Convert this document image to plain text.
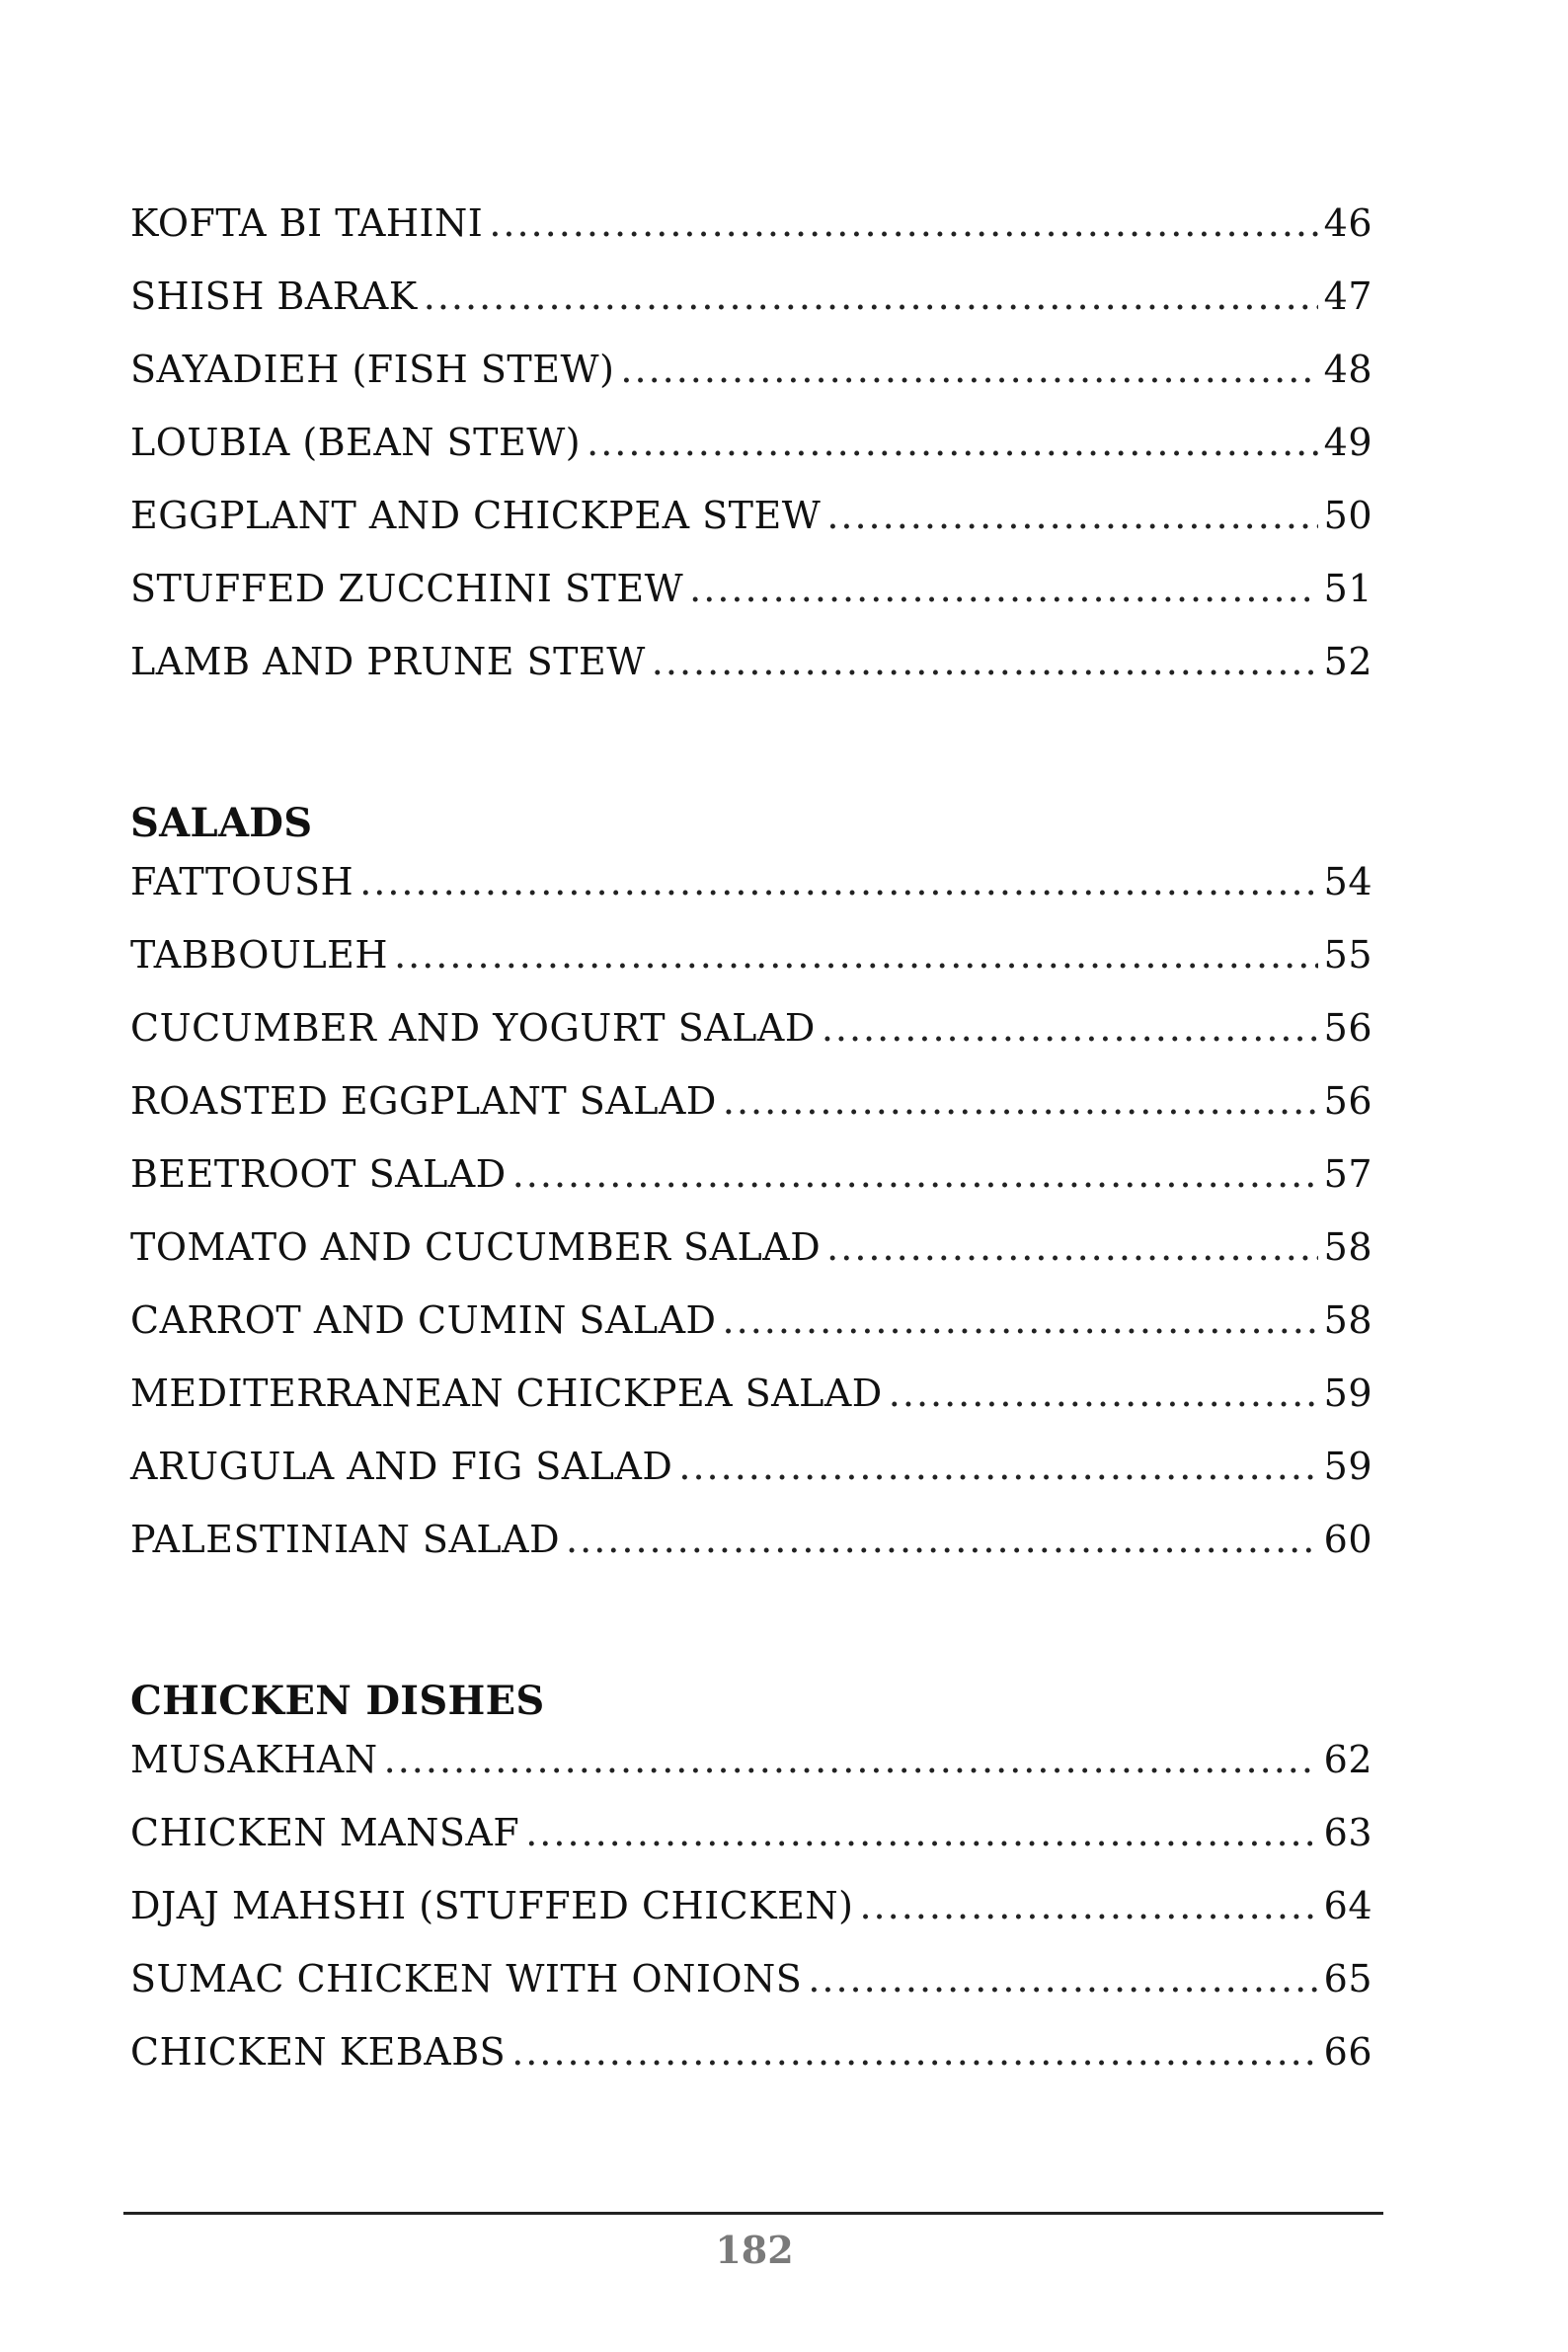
KOFTA BI TAHINI .....	46
SHISH BARAK .....	47
SAYADIEH (FISH STEW) .....	48
LOUBIA (BEAN STEW) .....	49
EGGPLANT AND CHICKPEA STEW .....	50
STUFFED ZUCCHINI STEW .....	51
LAMB AND PRUNE STEW .....	52
SALADS
FATTOUSH .....	54
TABBOULEH .....	55
CUCUMBER AND YOGURT SALAD .....	56
ROASTED EGGPLANT SALAD .....	56
BEETROOT SALAD .....	57
TOMATO AND CUCUMBER SALAD .....	58
CARROT AND CUMIN SALAD .....	58
MEDITERRANEAN CHICKPEA SALAD .....	59
ARUGULA AND FIG SALAD .....	59
PALESTINIAN SALAD .....	60
CHICKEN DISHES
MUSAKHAN .....	62
CHICKEN MANSAF .....	63
DJAJ MAHSHI (STUFFED CHICKEN) .....	64
SUMAC CHICKEN WITH ONIONS .....	65
CHICKEN KEBABS .....	66
182
